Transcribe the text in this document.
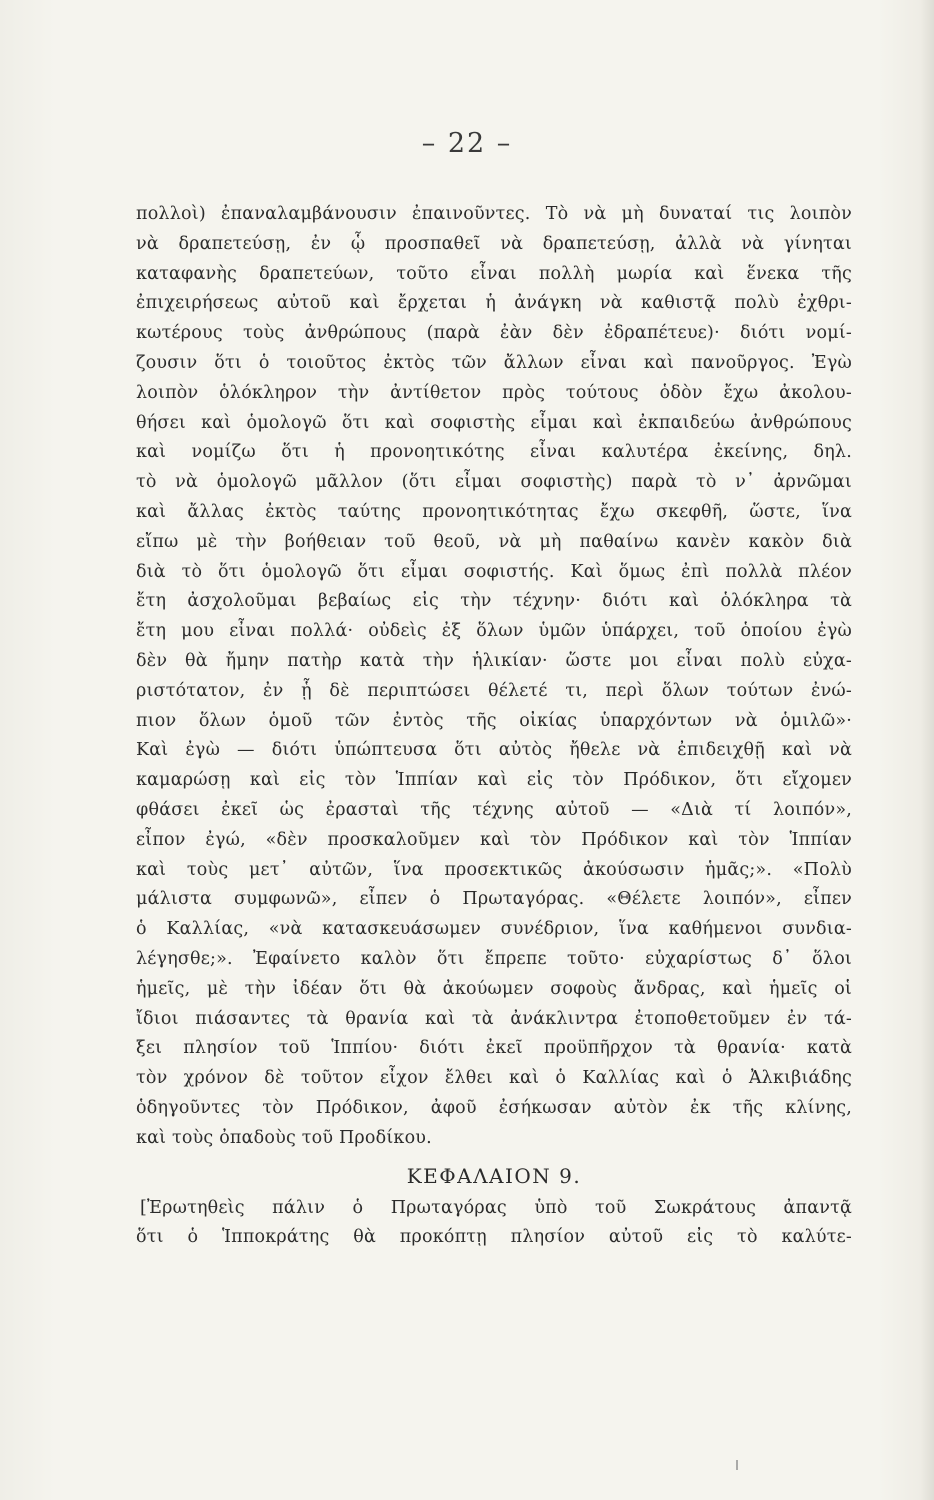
– 22 –
πολλοὶ) ἐπαναλαμβάνουσιν ἐπαινοῦντες. Τὸ νὰ μὴ δυναταί τις λοιπὸν
νὰ δραπετεύσῃ, ἐν ᾧ προσπαθεῖ νὰ δραπετεύσῃ, ἀλλὰ νὰ γίνηται
καταφανὴς δραπετεύων, τοῦτο εἶναι πολλὴ μωρία καὶ ἕνεκα τῆς
ἐπιχειρήσεως αὐτοῦ καὶ ἔρχεται ἡ ἀνάγκη νὰ καθιστᾷ πολὺ ἐχθρι-
κωτέρους τοὺς ἀνθρώπους (παρὰ ἐὰν δὲν ἐδραπέτευε)· διότι νομί-
ζουσιν ὅτι ὁ τοιοῦτος ἐκτὸς τῶν ἄλλων εἶναι καὶ πανοῦργος. Ἐγὼ
λοιπὸν ὁλόκληρον τὴν ἀντίθετον πρὸς τούτους ὁδὸν ἔχω ἀκολου-
θήσει καὶ ὁμολογῶ ὅτι καὶ σοφιστὴς εἶμαι καὶ ἐκπαιδεύω ἀνθρώπους
καὶ νομίζω ὅτι ἡ προνοητικότης εἶναι καλυτέρα ἐκείνης, δηλ.
τὸ νὰ ὁμολογῶ μᾶλλον (ὅτι εἶμαι σοφιστὴς) παρὰ τὸ ν᾽ ἀρνῶμαι
καὶ ἄλλας ἐκτὸς ταύτης προνοητικότητας ἔχω σκεφθῆ, ὥστε, ἵνα
εἴπω μὲ τὴν βοήθειαν τοῦ θεοῦ, νὰ μὴ παθαίνω κανὲν κακὸν διὰ
διὰ τὸ ὅτι ὁμολογῶ ὅτι εἶμαι σοφιστής. Καὶ ὅμως ἐπὶ πολλὰ πλέον
ἔτη ἀσχολοῦμαι βεβαίως εἰς τὴν τέχνην· διότι καὶ ὁλόκληρα τὰ
ἔτη μου εἶναι πολλά· οὐδεὶς ἐξ ὅλων ὑμῶν ὑπάρχει, τοῦ ὁποίου ἐγὼ
δὲν θὰ ἤμην πατὴρ κατὰ τὴν ἡλικίαν· ὥστε μοι εἶναι πολὺ εὐχα-
ριστότατον, ἐν ᾗ δὲ περιπτώσει θέλετέ τι, περὶ ὅλων τούτων ἐνώ-
πιον ὅλων ὁμοῦ τῶν ἐντὸς τῆς οἰκίας ὑπαρχόντων νὰ ὁμιλῶ»·
Καὶ ἐγὼ — διότι ὑπώπτευσα ὅτι αὐτὸς ἤθελε νὰ ἐπιδειχθῇ καὶ νὰ
καμαρώσῃ καὶ εἰς τὸν Ἱππίαν καὶ εἰς τὸν Πρόδικον, ὅτι εἴχομεν
φθάσει ἐκεῖ ὡς ἐρασταὶ τῆς τέχνης αὐτοῦ — «Διὰ τί λοιπόν»,
εἶπον ἐγώ, «δὲν προσκαλοῦμεν καὶ τὸν Πρόδικον καὶ τὸν Ἱππίαν
καὶ τοὺς μετ᾽ αὐτῶν, ἵνα προσεκτικῶς ἀκούσωσιν ἡμᾶς;». «Πολὺ
μάλιστα συμφωνῶ», εἶπεν ὁ Πρωταγόρας. «Θέλετε λοιπόν», εἶπεν
ὁ Καλλίας, «νὰ κατασκευάσωμεν συνέδριον, ἵνα καθήμενοι συνδια-
λέγησθε;». Ἐφαίνετο καλὸν ὅτι ἔπρεπε τοῦτο· εὐχαρίστως δ᾽ ὅλοι
ἡμεῖς, μὲ τὴν ἰδέαν ὅτι θὰ ἀκούωμεν σοφοὺς ἄνδρας, καὶ ἡμεῖς οἱ
ἴδιοι πιάσαντες τὰ θρανία καὶ τὰ ἀνάκλιντρα ἐτοποθετοῦμεν ἐν τά-
ξει πλησίον τοῦ Ἱππίου· διότι ἐκεῖ προϋπῆρχον τὰ θρανία· κατὰ
τὸν χρόνον δὲ τοῦτον εἶχον ἔλθει καὶ ὁ Καλλίας καὶ ὁ Ἀλκιβιάδης
ὁδηγοῦντες τὸν Πρόδικον, ἀφοῦ ἐσήκωσαν αὐτὸν ἐκ τῆς κλίνης,
καὶ τοὺς ὀπαδοὺς τοῦ Προδίκου.
ΚΕΦΑΛΑΙΟΝ 9.
[Ἐρωτηθεὶς πάλιν ὁ Πρωταγόρας ὑπὸ τοῦ Σωκράτους ἀπαντᾷ
ὅτι ὁ Ἱπποκράτης θὰ προκόπτῃ πλησίον αὐτοῦ εἰς τὸ καλύτε-
